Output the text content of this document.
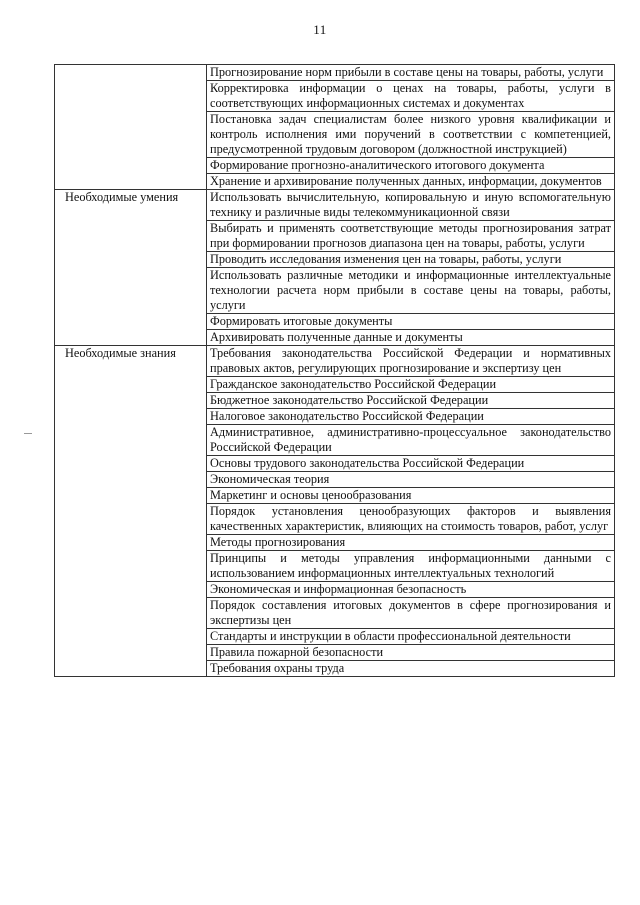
11
	Прогнозирование норм прибыли в составе цены на товары, работы, услуги
	Корректировка информации о ценах на товары, работы, услуги в соответствующих информационных системах и документах
	Постановка задач специалистам более низкого уровня квалификации и контроль исполнения ими поручений в соответствии с компетенцией, предусмотренной трудовым договором (должностной инструкцией)
	Формирование прогнозно-аналитического итогового документа
	Хранение и архивирование полученных данных, информации, документов
Необходимые умения	Использовать вычислительную, копировальную и иную вспомогательную технику и различные виды телекоммуникационной связи
	Выбирать и применять соответствующие методы прогнозирования затрат при формировании прогнозов диапазона цен на товары, работы, услуги
	Проводить исследования изменения цен на товары, работы, услуги
	Использовать различные методики и информационные интеллектуальные технологии расчета норм прибыли в составе цены на товары, работы, услуги
	Формировать итоговые документы
	Архивировать полученные данные и документы
Необходимые знания	Требования законодательства Российской Федерации и нормативных правовых актов, регулирующих прогнозирование и экспертизу цен
	Гражданское законодательство Российской Федерации
	Бюджетное законодательство Российской Федерации
	Налоговое законодательство Российской Федерации
	Административное, административно-процессуальное законодательство Российской Федерации
	Основы трудового законодательства Российской Федерации
	Экономическая теория
	Маркетинг и основы ценообразования
	Порядок установления ценообразующих факторов и выявления качественных характеристик, влияющих на стоимость товаров, работ, услуг
	Методы прогнозирования
	Принципы и методы управления информационными данными с использованием информационных интеллектуальных технологий
	Экономическая и информационная безопасность
	Порядок составления итоговых документов в сфере прогнозирования и экспертизы цен
	Стандарты и инструкции в области профессиональной деятельности
	Правила пожарной безопасности
	Требования охраны труда
